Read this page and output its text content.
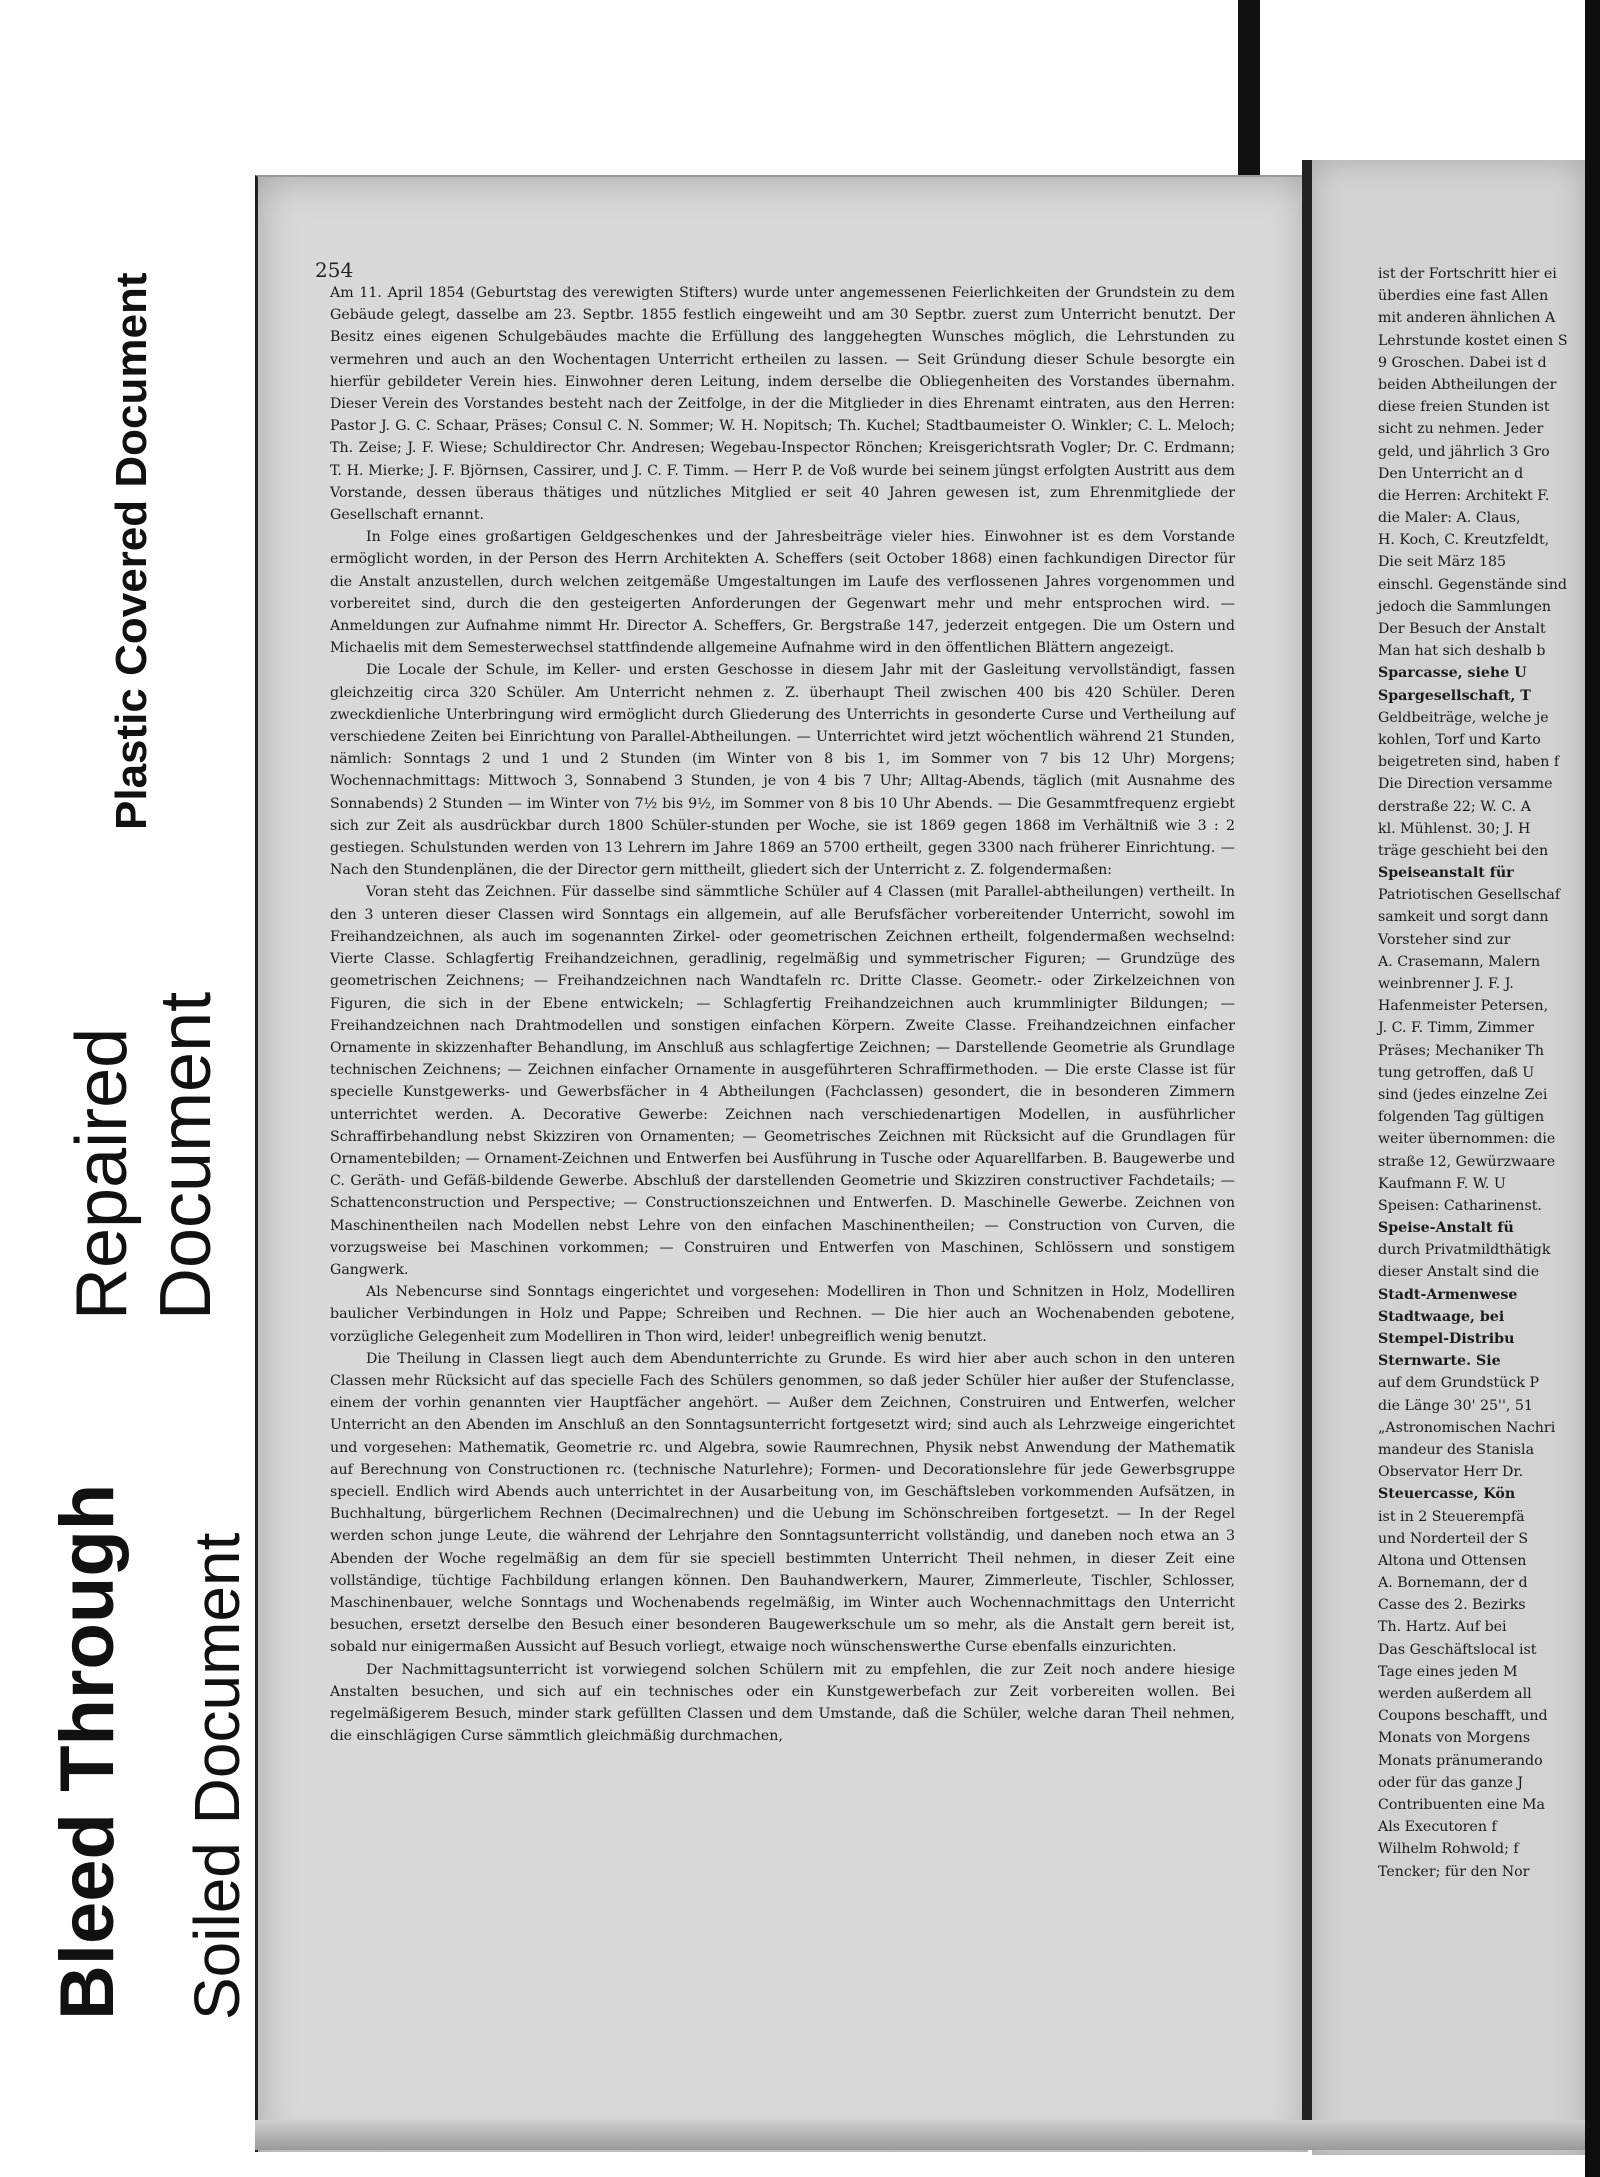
Plastic Covered Document
Repaired Document
Bleed Through Soiled Document
254

Am 11. April 1854 (Geburtstag des verewigten Stifters) wurde unter angemessenen Feierlichkeiten der Grundstein zu dem Gebäude gelegt, dasselbe am 23. Septbr. 1855 festlich eingeweiht und am 30 Septbr. zuerst zum Unterricht benutzt. Der Besitz eines eigenen Schulgebäudes machte die Erfüllung des langgehegten Wunsches möglich, die Lehrstunden zu vermehren und auch an den Wochentagen Unterricht ertheilen zu lassen. — Seit Gründung dieser Schule besorgte ein hierfür gebildeter Verein hies. Einwohner deren Leitung, indem derselbe die Obliegenheiten des Vorstandes übernahm. Dieser Verein des Vorstandes besteht nach der Zeitfolge, in der die Mitglieder in dies Ehrenamt eintraten, aus den Herren: Pastor J. G. C. Schaar, Präses; Consul C. N. Sommer; W. H. Nopitsch; Th. Kuchel; Stadtbaumeister O. Winkler; C. L. Meloch; Th. Zeise; J. F. Wiese; Schuldirector Chr. Andresen; Wegebau-Inspector Rönchen; Kreisgerichtsrath Vogler; Dr. C. Erdmann; T. H. Mierke; J. F. Björnsen, Cassirer, und J. C. F. Timm. — Herr P. de Voß wurde bei seinem jüngst erfolgten Austritt aus dem Vorstande, dessen überaus thätiges und nützliches Mitglied er seit 40 Jahren gewesen ist, zum Ehrenmitgliede der Gesellschaft ernannt.

In Folge eines großartigen Geldgeschenkes und der Jahresbeiträge vieler hies. Einwohner ist es dem Vorstande ermöglicht worden, in der Person des Herrn Architekten A. Scheffers (seit October 1868) einen fachkundigen Director für die Anstalt anzustellen, durch welchen zeitgemäße Umgestaltungen im Laufe des verflossenen Jahres vorgenommen und vorbereitet sind, durch die den gesteigerten Anforderungen der Gegenwart mehr und mehr entsprochen wird. — Anmeldungen zur Aufnahme nimmt Hr. Director A. Scheffers, Gr. Bergstraße 147, jederzeit entgegen. Die um Ostern und Michaelis mit dem Semesterwechsel stattfindende allgemeine Aufnahme wird in den öffentlichen Blättern angezeigt.

Die Locale der Schule, im Keller- und ersten Geschosse in diesem Jahr mit der Gasleitung vervollständigt, fassen gleichzeitig circa 320 Schüler. Am Unterricht nehmen z. Z. überhaupt Theil zwischen 400 bis 420 Schüler. Deren zweckdienliche Unterbringung wird ermöglicht durch Gliederung des Unterrichts in gesonderte Curse und Vertheilung auf verschiedene Zeiten bei Einrichtung von Parallel-Abtheilungen. — Unterrichtet wird jetzt wöchentlich während 21 Stunden, nämlich: Sonntags 2 und 1 und 2 Stunden (im Winter von 8 bis 1, im Sommer von 7 bis 12 Uhr) Morgens; Wochennachmittags: Mittwoch 3, Sonnabend 3 Stunden, je von 4 bis 7 Uhr; Alltag-Abends, täglich (mit Ausnahme des Sonnabends) 2 Stunden — im Winter von 7½ bis 9½, im Sommer von 8 bis 10 Uhr Abends. — Die Gesammtfrequenz ergiebt sich zur Zeit als ausdrückbar durch 1800 Schüler-stunden per Woche, sie ist 1869 gegen 1868 im Verhältniß wie 3 : 2 gestiegen. Schulstunden werden von 13 Lehrern im Jahre 1869 an 5700 ertheilt, gegen 3300 nach früherer Einrichtung. — Nach den Stundenplänen, die der Director gern mittheilt, gliedert sich der Unterricht z. Z. folgendermaßen:

Voran steht das Zeichnen. Für dasselbe sind sämmtliche Schüler auf 4 Classen (mit Parallel-abtheilungen) vertheilt. In den 3 unteren dieser Classen wird Sonntags ein allgemein, auf alle Berufsfächer vorbereitender Unterricht, sowohl im Freihandzeichnen, als auch im sogenannten Zirkel- oder geometrischen Zeichnen ertheilt, folgendermaßen wechselnd: Vierte Classe. Schlagfertig Freihandzeichnen, geradlinig, regelmäßig und symmetrischer Figuren; — Grundzüge des geometrischen Zeichnens; — Freihandzeichnen nach Wandtafeln rc. Dritte Classe. Geometr.- oder Zirkelzeichnen von Figuren, die sich in der Ebene entwickeln; — Schlagfertig Freihandzeichnen auch krummlinigter Bildungen; — Freihandzeichnen nach Drahtmodellen und sonstigen einfachen Körpern. Zweite Classe. Freihandzeichnen einfacher Ornamente in skizzenhafter Behandlung, im Anschluß aus schlagfertige Zeichnen; — Darstellende Geometrie als Grundlage technischen Zeichnens; — Zeichnen einfacher Ornamente in ausgeführteren Schraffirmethoden. — Die erste Classe ist für specielle Kunstgewerks- und Gewerbsfächer in 4 Abtheilungen (Fachclassen) gesondert, die in besonderen Zimmern unterrichtet werden. A. Decorative Gewerbe: Zeichnen nach verschiedenartigen Modellen, in ausführlicher Schraffirbehandlung nebst Skizziren von Ornamenten; — Geometrisches Zeichnen mit Rücksicht auf die Grundlagen für Ornamentebilden; — Ornament-Zeichnen und Entwerfen bei Ausführung in Tusche oder Aquarellfarben. B. Baugewerbe und C. Geräth- und Gefäß-bildende Gewerbe. Abschluß der darstellenden Geometrie und Skizziren constructiver Fachdetails; — Schattenconstruction und Perspective; — Constructionszeichnen und Entwerfen. D. Maschinelle Gewerbe. Zeichnen von Maschinentheilen nach Modellen nebst Lehre von den einfachen Maschinentheilen; — Construction von Curven, die vorzugsweise bei Maschinen vorkommen; — Construiren und Entwerfen von Maschinen, Schlössern und sonstigem Gangwerk.

Als Nebencurse sind Sonntags eingerichtet und vorgesehen: Modelliren in Thon und Schnitzen in Holz, Modelliren baulicher Verbindungen in Holz und Pappe; Schreiben und Rechnen. — Die hier auch an Wochenabenden gebotene, vorzügliche Gelegenheit zum Modelliren in Thon wird, leider! unbegreiflich wenig benutzt.

Die Theilung in Classen liegt auch dem Abendunterrichte zu Grunde. Es wird hier aber auch schon in den unteren Classen mehr Rücksicht auf das specielle Fach des Schülers genommen, so daß jeder Schüler hier außer der Stufenclasse, einem der vorhin genannten vier Hauptfächer angehört. — Außer dem Zeichnen, Construiren und Entwerfen, welcher Unterricht an den Abenden im Anschluß an den Sonntagsunterricht fortgesetzt wird; sind auch als Lehrzweige eingerichtet und vorgesehen: Mathematik, Geometrie rc. und Algebra, sowie Raumrechnen, Physik nebst Anwendung der Mathematik auf Berechnung von Constructionen rc. (technische Naturlehre); Formen- und Decorationslehre für jede Gewerbsgruppe speciell. Endlich wird Abends auch unterrichtet in der Ausarbeitung von, im Geschäftsleben vorkommenden Aufsätzen, in Buchhaltung, bürgerlichem Rechnen (Decimalrechnen) und die Uebung im Schönschreiben fortgesetzt. — In der Regel werden schon junge Leute, die während der Lehrjahre den Sonntagsunterricht vollständig, und daneben noch etwa an 3 Abenden der Woche regelmäßig an dem für sie speciell bestimmten Unterricht Theil nehmen, in dieser Zeit eine vollständige, tüchtige Fachbildung erlangen können. Den Bauhandwerkern, Maurer, Zimmerleute, Tischler, Schlosser, Maschinenbauer, welche Sonntags und Wochenabends regelmäßig, im Winter auch Wochennachmittags den Unterricht besuchen, ersetzt derselbe den Besuch einer besonderen Baugewerkschule um so mehr, als die Anstalt gern bereit ist, sobald nur einigermaßen Aussicht auf Besuch vorliegt, etwaige noch wünschenswerthe Curse ebenfalls einzurichten.

Der Nachmittagsunterricht ist vorwiegend solchen Schülern mit zu empfehlen, die zur Zeit noch andere hiesige Anstalten besuchen, und sich auf ein technisches oder ein Kunstgewerbefach zur Zeit vorbereiten wollen. Bei regelmäßigerem Besuch, minder stark gefüllten Classen und dem Umstande, daß die Schüler, welche daran Theil nehmen, die einschlägigen Curse sämmtlich gleichmäßig durchmachen,

ist der Fortschritt hier ei
überdies eine fast Allen
mit anderen ähnlichen A
Lehrstunde kostet einen S
9 Groschen. Dabei ist d
beiden Abtheilungen der
diese freien Stunden ist
sicht zu nehmen. Jeder
geld, und jährlich 3 Gro
Den Unterricht an d
die Herren: Architekt F.
die Maler: A. Claus,
H. Koch, C. Kreutzfeldt,
Die seit März 185
einschl. Gegenstände sind
jedoch die Sammlungen
Der Besuch der Anstalt
Man hat sich deshalb b
Sparcasse, siehe U
Spargesellschaft, T
Geldbeiträge, welche je
kohlen, Torf und Karto
beigetreten sind, haben f
Die Direction versamme
derstraße 22; W. C. A
kl. Mühlenst. 30; J. H
träge geschieht bei den
Speiseanstalt für
Patriotischen Gesellschaf
samkeit und sorgt dann
Vorsteher sind zur
A. Crasemann, Malern
weinbrenner J. F. J.
Hafenmeister Petersen,
J. C. F. Timm, Zimmer
Präses; Mechaniker Th
tung getroffen, daß U
sind (jedes einzelne Zei
folgenden Tag gültigen
weiter übernommen: die
straße 12, Gewürzwaare
Kaufmann F. W. U
Speisen: Catharinenst.
Speise-Anstalt fü
durch Privatmildthätigk
dieser Anstalt sind die
Stadt-Armenwese
Stadtwaage, bei
Stempel-Distribu
Sternwarte. Sie
auf dem Grundstück P
die Länge 30' 25'', 51
„Astronomischen Nachri
mandeur des Stanisla
Observator Herr Dr.
Steuercasse, Kön
ist in 2 Steuerempfä
und Norderteil der S
Altona und Ottensen
A. Bornemann, der d
Casse des 2. Bezirks
Th. Hartz. Auf bei
Das Geschäftslocal ist
Tage eines jeden M
werden außerdem all
Coupons beschafft, und
Monats von Morgens
Monats pränumerando
oder für das ganze J
Contribuenten eine Ma
Als Executoren f
Wilhelm Rohwold; f
Tencker; für den Nor
